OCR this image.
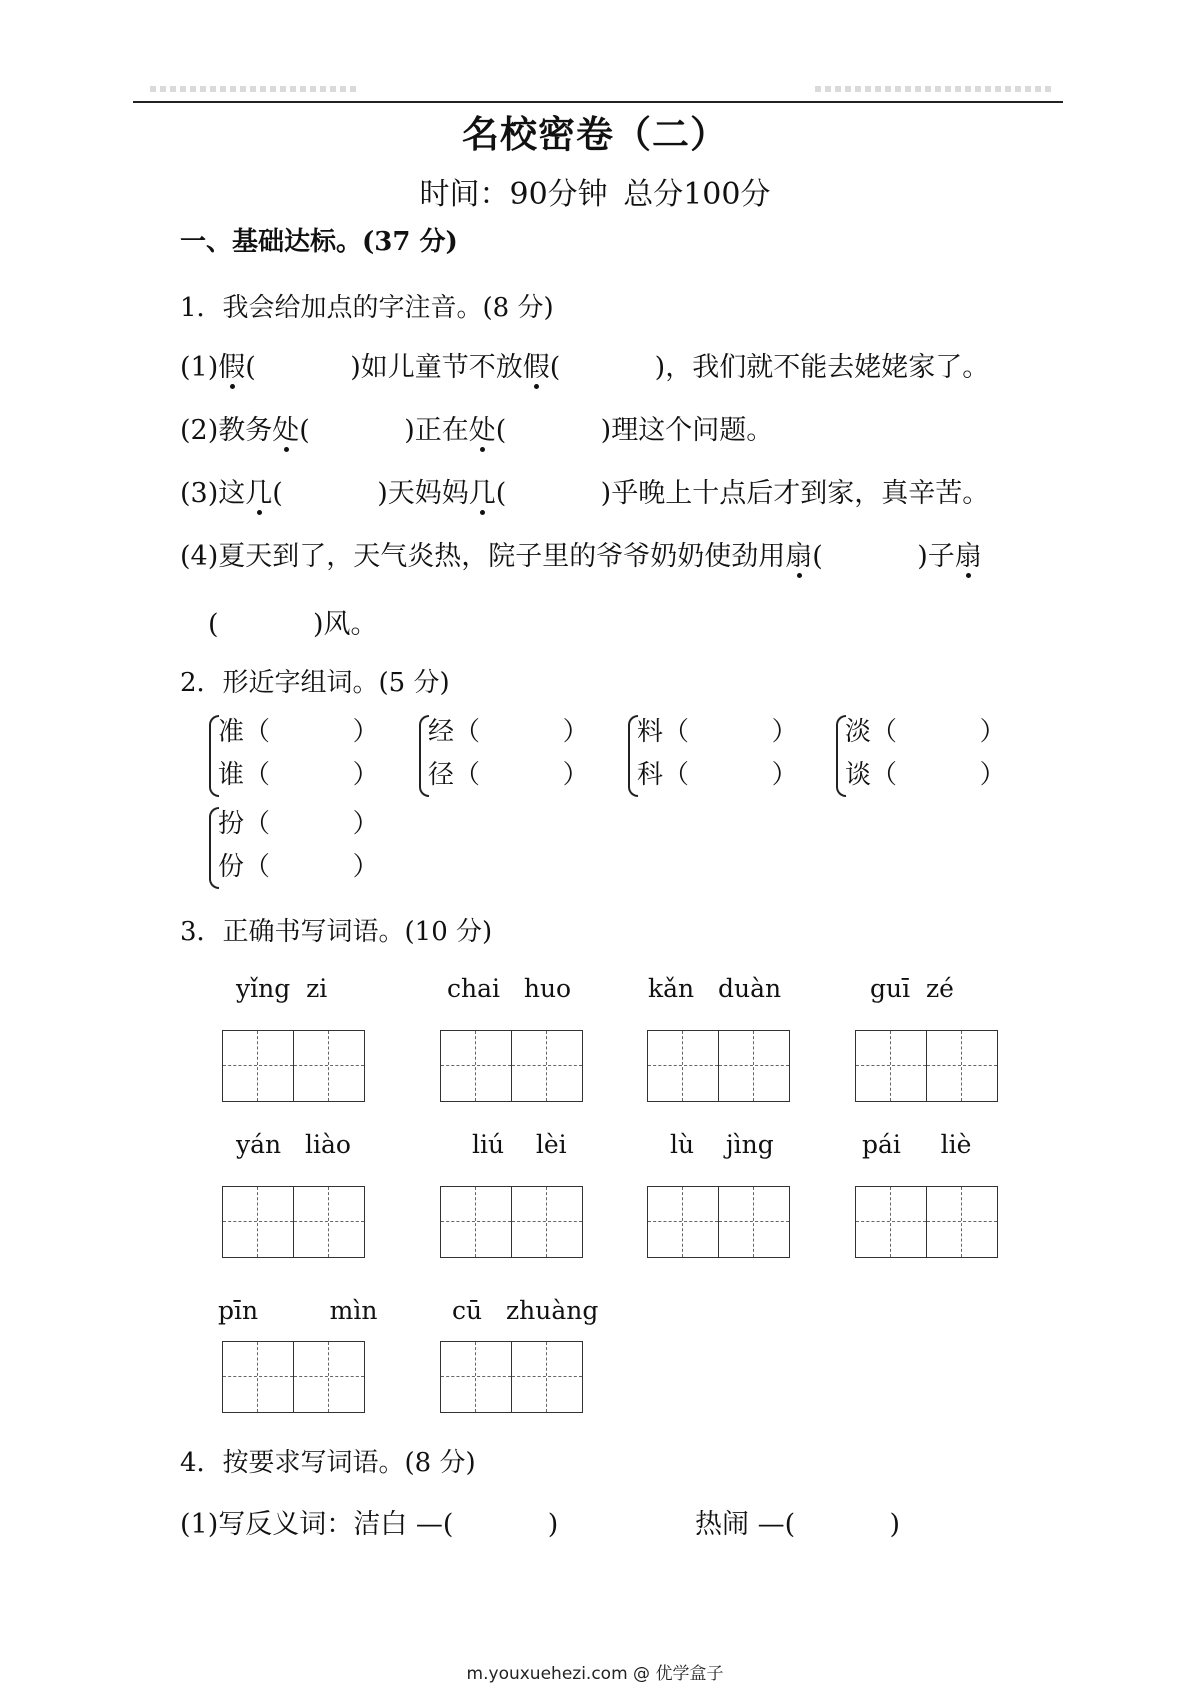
名校密卷（二）
时间：90分钟 总分100分
一、基础达标。(37 分)
1．我会给加点的字注音。(8 分)
(1)假(           )如儿童节不放假(           )，我们就不能去姥姥家了。
(2)教务处(           )正在处(           )理这个问题。
(3)这几(           )天妈妈几(           )乎晚上十点后才到家，真辛苦。
(4)夏天到了，天气炎热，院子里的爷爷奶奶使劲用扇(           )子扇
(           )风。
2．形近字组词。(5 分)
准（          ）
谁（          ）
经（          ）
径（          ）
料（          ）
科（          ）
淡（          ）
谈（          ）
扮（          ）
份（          ）
3．正确书写词语。(10 分)
yǐng  zi	chai   huo	kǎn   duàn	guī  zé
yán   liào	liú    lèi	lù    jìng	pái     liè
pīn         mìn	cū   zhuàng
4．按要求写词语。(8 分)
(1)写反义词：洁白 —(           )	热闹 —(           )
m.youxuehezi.com @ 优学盒子
